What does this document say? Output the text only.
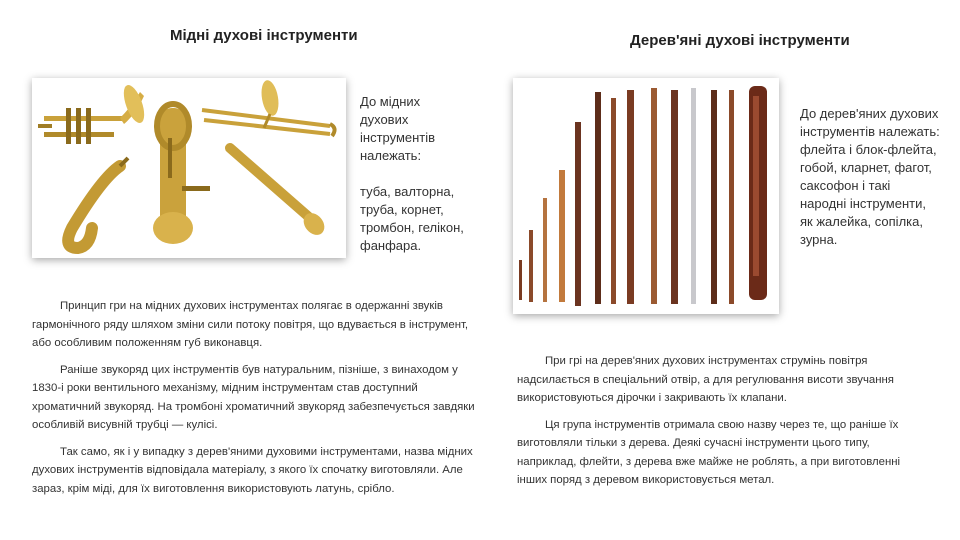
Мідні духові інструменти
До мідних духових інструментів належать:
туба, валторна, труба, корнет, тромбон, гелікон, фанфара.

Принцип гри на мідних духових інструментах полягає в одержанні звуків гармонічного ряду шляхом зміни сили потоку повітря, що вдувається в інструмент, або особливим положенням губ виконавця.

Раніше звукоряд цих інструментів був натуральним, пізніше, з винаходом у 1830-і роки вентильного механізму, мідним інструментам став доступний хроматичний звукоряд. На тромбоні хроматичний звукоряд забезпечується завдяки особливій висувній трубці — кулісі.

Так само, як і у випадку з дерев'яними духовими інструментами, назва мідних духових інструментів відповідала матеріалу, з якого їх спочатку виготовляли. Але зараз, крім міді, для їх виготовлення використовують латунь, срібло.

Дерев'яні духові інструменти
До дерев'яних духових інструментів належать: флейта і блок-флейта, гобой, кларнет, фагот, саксофон і такі народні інструменти, як жалейка, сопілка, зурна.

При грі на дерев'яних духових інструментах струмінь повітря надсилається в спеціальний отвір, а для регулювання висоти звучання використовуються дірочки і закривають їх клапани.

Ця група інструментів отримала свою назву через те, що раніше їх виготовляли тільки з дерева. Деякі сучасні інструменти цього типу, наприклад, флейти, з дерева вже майже не роблять, а при виготовленні інших поряд з деревом використовується метал.
